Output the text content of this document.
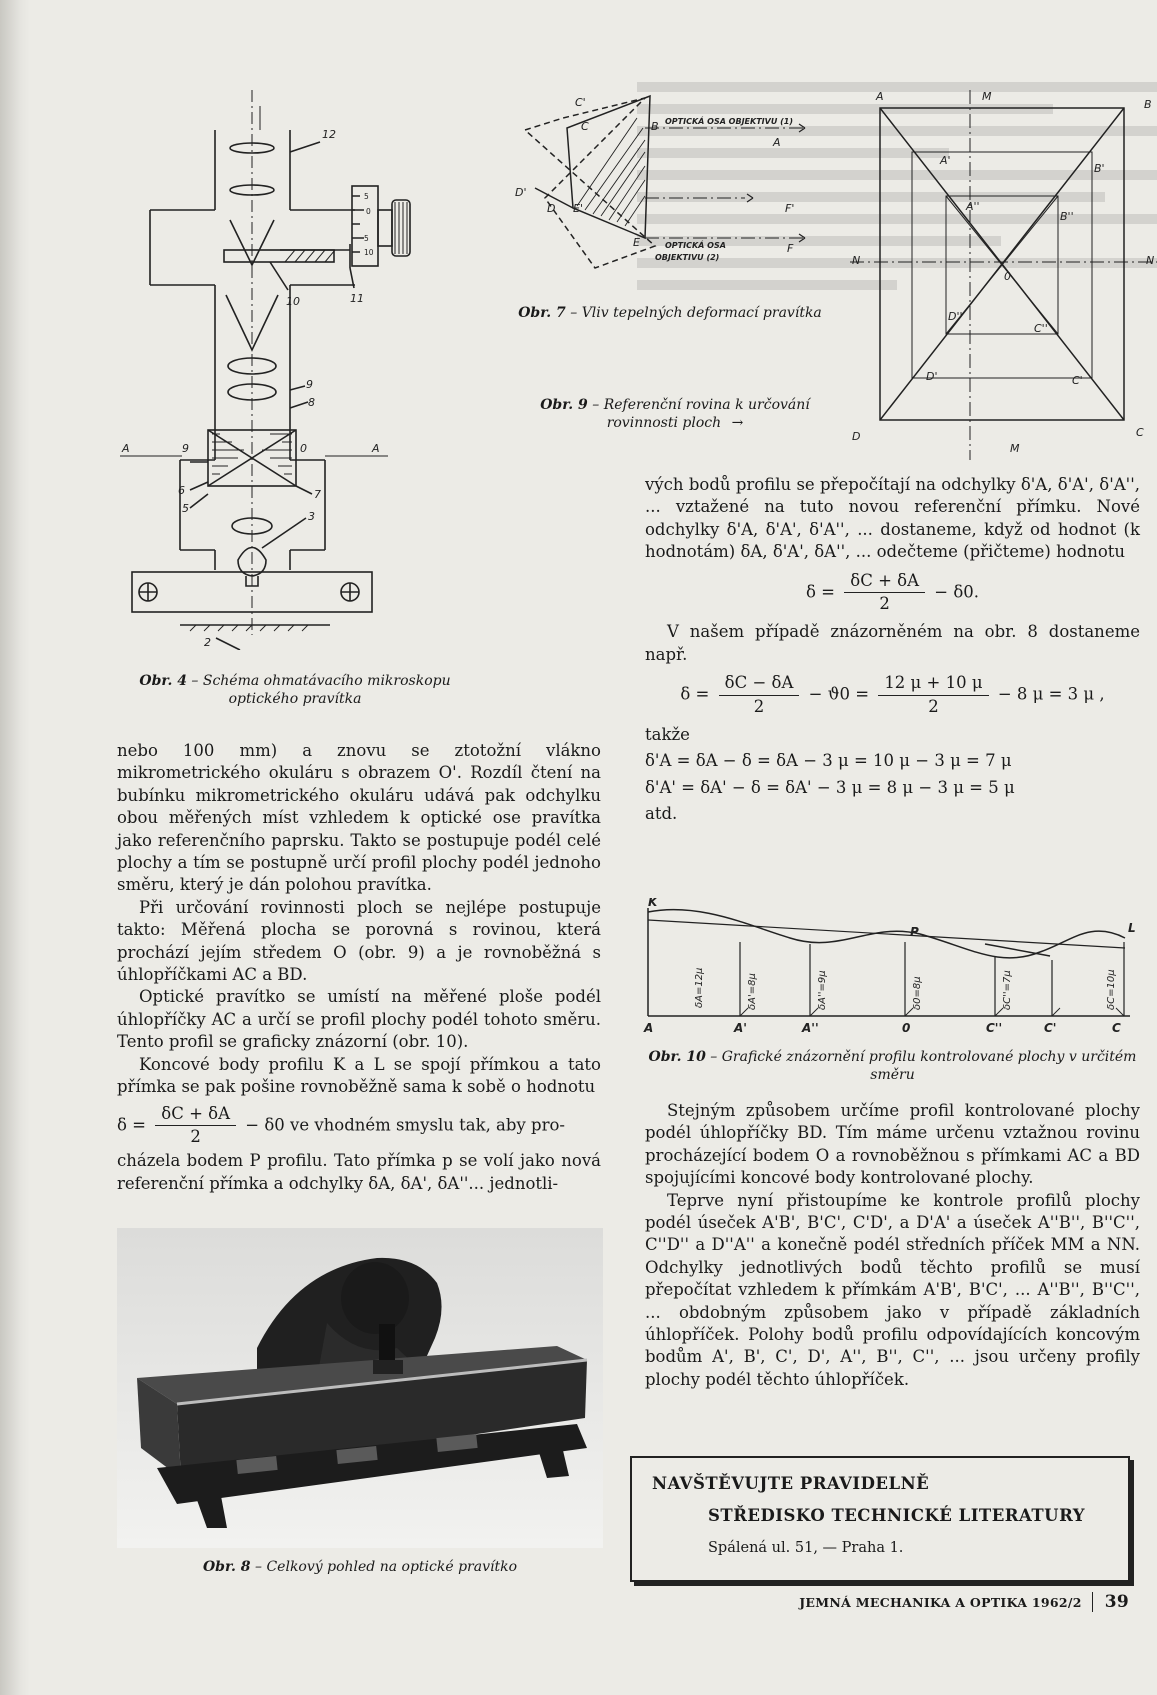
12
10	11
9
8
A	A
9
6
5
7
3
2
0
5
0
5
10
Obr. 4 – Schéma ohmatávacího mikroskopu optického pravítka
C'
C
D'
D E'
B
A
F'
E	F
OPTICKÁ OSA OBJEKTIVU (1)
OPTICKÁ OSA
OBJEKTIVU (2)
Obr. 7 – Vliv tepelných deformací pravítka
A	M
B
A'
B'
A''
B''
N	N
0
D''
C''
D'	C'
D
M
C
Obr. 9 – Referenční rovina k určování rovinnosti ploch →

nebo 100 mm) a znovu se ztotožní vlákno mikrometrického okuláru s obrazem O'. Rozdíl čtení na bubínku mikrometrického okuláru udává pak odchylku obou měřených míst vzhledem k optické ose pravítka jako referenčního paprsku. Takto se postupuje podél celé plochy a tím se postupně určí profil plochy podél jednoho směru, který je dán polohou pravítka.

Při určování rovinnosti ploch se nejlépe postupuje takto: Měřená plocha se porovná s rovinou, která prochází jejím středem O (obr. 9) a je rovnoběžná s úhlopříčkami AC a BD.

Optické pravítko se umístí na měřené ploše podél úhlopříčky AC a určí se profil plochy podél tohoto směru. Tento profil se graficky znázorní (obr. 10).

Koncové body profilu K a L se spojí přímkou a tato přímka se pak pošine rovnoběžně sama k sobě o hodnotu

$\delta = \frac{\delta C + \delta A}{2} - \delta 0$ ve vhodném smyslu tak, aby pro-

cházela bodem P profilu. Tato přímka p se volí jako nová referenční přímka a odchylky δA, δA', δA''... jednotli-

vých bodů profilu se přepočítají na odchylky δ'A, δ'A', δ'A'', ... vztažené na tuto novou referenční přímku. Nové odchylky δ'A, δ'A', δ'A'', ... dostaneme, když od hodnot (k hodnotám) δA, δ'A', δA'', ... odečteme (přičteme) hodnotu

$\delta = \frac{\delta C + \delta A}{2} - \delta 0$.

V našem případě znázorněném na obr. 8 dostaneme např.

$\delta = \frac{\delta C - \delta A}{2} - ϑ0 = \frac{12 \mu + 10 \mu}{2} - 8$ μ = 3 μ ,

takže

δ'A = δA − δ = δA − 3 μ = 10 μ − 3 μ = 7 μ

δ'A' = δA' − δ = δA' − 3 μ = 8 μ − 3 μ = 5 μ

atd.

K
P	L
A	A'	A''	0	C''	C'	C
δA=12μ	δA'=8μ	δA''=9μ	δ0=8μ	δC''=7μ	δC=10μ
Obr. 10 – Grafické znázornění profilu kontrolované plochy v určitém směru

Stejným způsobem určíme profil kontrolované plochy podél úhlopříčky BD. Tím máme určenu vztažnou rovinu procházející bodem O a rovnoběžnou s přímkami AC a BD spojujícími koncové body kontrolované plochy.

Teprve nyní přistoupíme ke kontrole profilů plochy podél úseček A'B', B'C', C'D', a D'A' a úseček A''B'', B''C'', C''D'' a D''A'' a konečně podél středních příček MM a NN. Odchylky jednotlivých bodů těchto profilů se musí přepočítat vzhledem k přímkám A'B', B'C', ... A''B'', B''C'', ... obdobným způsobem jako v případě základních úhlopříček. Polohy bodů profilu odpovídajících koncovým bodům A', B', C', D', A'', B'', C'', ... jsou určeny profily plochy podél těchto úhlopříček.

Obr. 8 – Celkový pohled na optické pravítko
NAVŠTĚVUJTE PRAVIDELNĚ
STŘEDISKO TECHNICKÉ LITERATURY
Spálená ul. 51, — Praha 1.
JEMNÁ MECHANIKA A OPTIKA 1962/2 39
